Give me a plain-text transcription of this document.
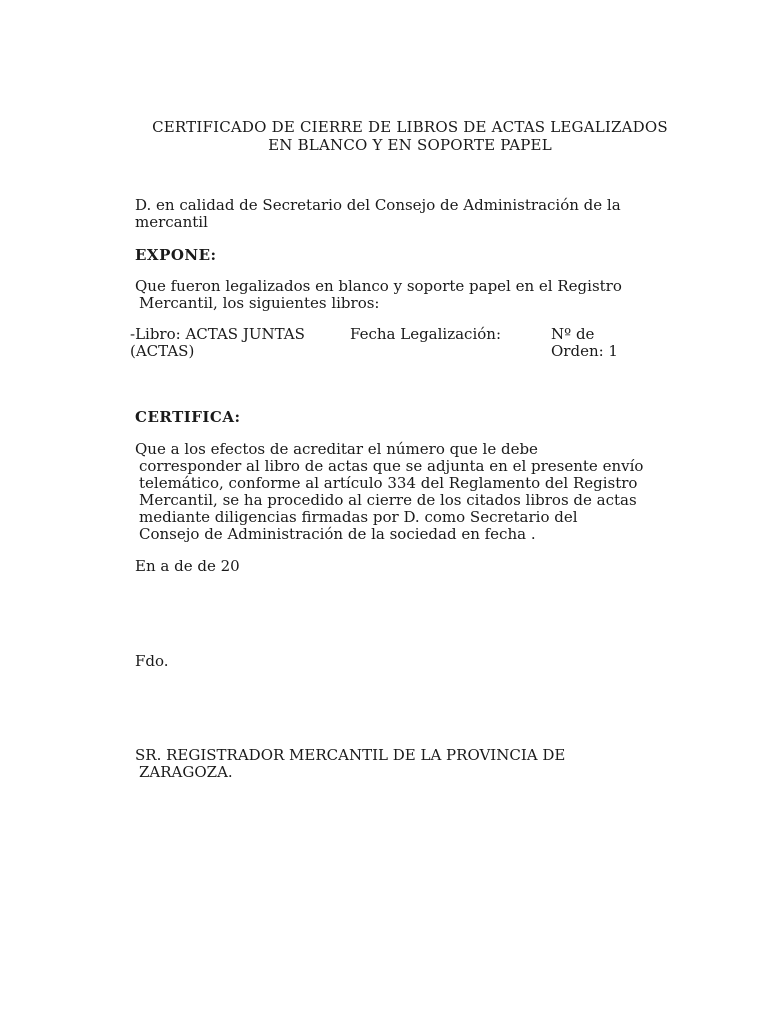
CERTIFICADO DE CIERRE DE LIBROS DE ACTAS LEGALIZADOS
EN BLANCO Y EN SOPORTE PAPEL
D. en calidad de Secretario del Consejo de Administración de la
mercantil
EXPONE:
Que fueron legalizados en blanco y soporte papel en el Registro
Mercantil, los siguientes libros:
-Libro: ACTAS JUNTAS
(ACTAS)
Fecha Legalización:	Nº de
Orden: 1
CERTIFICA:
Que a los efectos de acreditar el número que le debe
corresponder al libro de actas que se adjunta en el presente envío
telemático, conforme al artículo 334 del Reglamento del Registro
Mercantil, se ha procedido al cierre de los citados libros de actas
mediante diligencias firmadas por D. como Secretario del
Consejo de Administración de la sociedad en fecha .
En a de de 20
Fdo.
SR. REGISTRADOR MERCANTIL DE LA PROVINCIA DE
ZARAGOZA.
